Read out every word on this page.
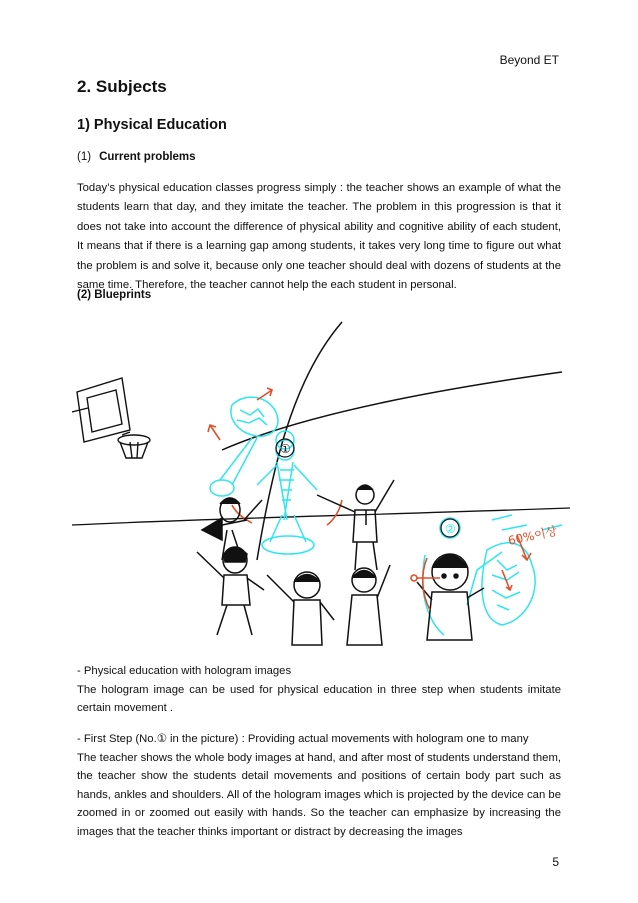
Beyond ET
2. Subjects
1) Physical Education
(1) Current problems

Today’s physical education classes progress simply : the teacher shows an example of what the students learn that day, and they imitate the teacher. The problem in this progression is that it does not take into account the difference of physical ability and cognitive ability of each student, It means that if there is a learning gap among students, it takes very long time to figure out what the problem is and solve it, because only one teacher should deal with dozens of students at the same time. Therefore, the teacher cannot help the each student in personal.

(2) Blueprints
①
②	60%이상
- Physical education with hologram images
The hologram image can be used for physical education in three step when students imitate certain movement .
- First Step (No.① in the picture) : Providing actual movements with hologram one to many
The teacher shows the whole body images at hand, and after most of students understand them, the teacher show the students detail movements and positions of certain body part such as hands, ankles and shoulders. All of the hologram images which is projected by the device can be zoomed in or zoomed out easily with hands. So the teacher can emphasize by increasing the images that the teacher thinks important or distract by decreasing the images
5
